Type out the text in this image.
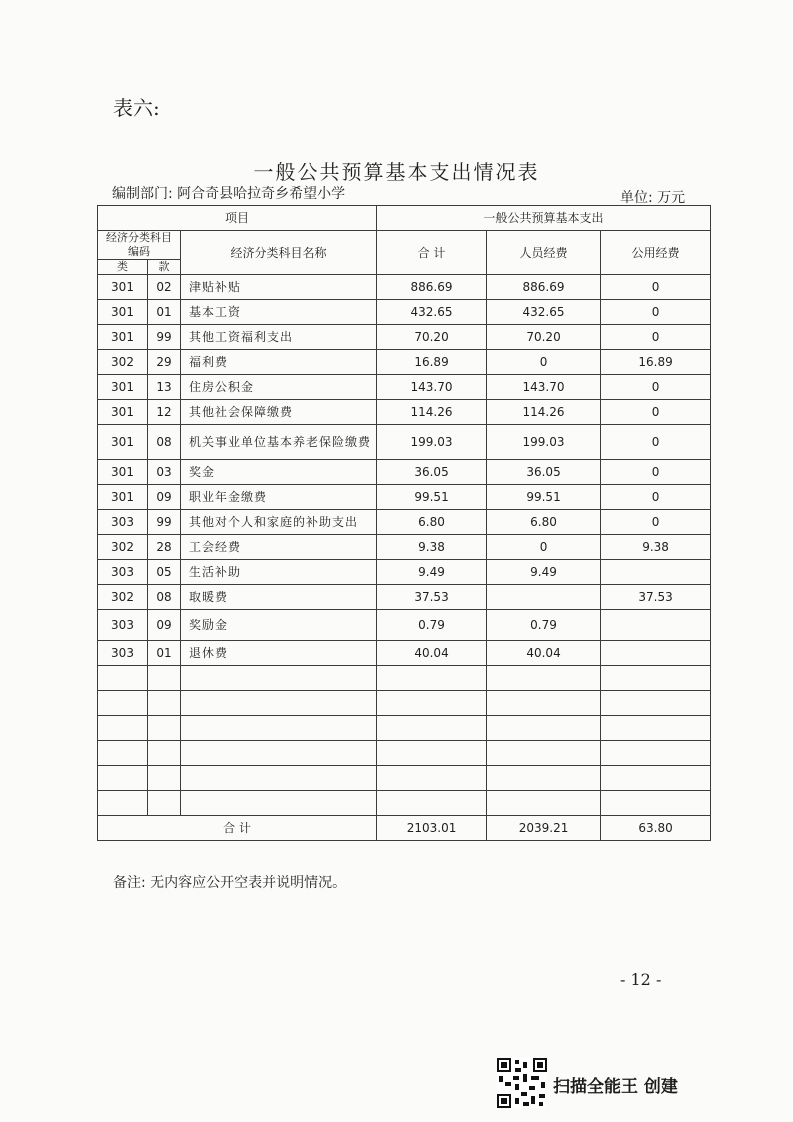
表六:
一般公共预算基本支出情况表
编制部门: 阿合奇县哈拉奇乡希望小学	单位: 万元
项目			一般公共预算基本支出		
经济分类科目编码		经济分类科目名称	合 计	人员经费	公用经费
类	款				
301	02	津贴补贴	886.69	886.69	0
301	01	基本工资	432.65	432.65	0
301	99	其他工资福利支出	70.20	70.20	0
302	29	福利费	16.89	0	16.89
301	13	住房公积金	143.70	143.70	0
301	12	其他社会保障缴费	114.26	114.26	0
301	08	机关事业单位基本养老保险缴费	199.03	199.03	0
301	03	奖金	36.05	36.05	0
301	09	职业年金缴费	99.51	99.51	0
303	99	其他对个人和家庭的补助支出	6.80	6.80	0
302	28	工会经费	9.38	0	9.38
303	05	生活补助	9.49	9.49	
302	08	取暖费	37.53		37.53
303	09	奖励金	0.79	0.79	
303	01	退休费	40.04	40.04	

合 计			2103.01	2039.21	63.80
备注: 无内容应公开空表并说明情况。
- 12 -
扫描全能王 创建
